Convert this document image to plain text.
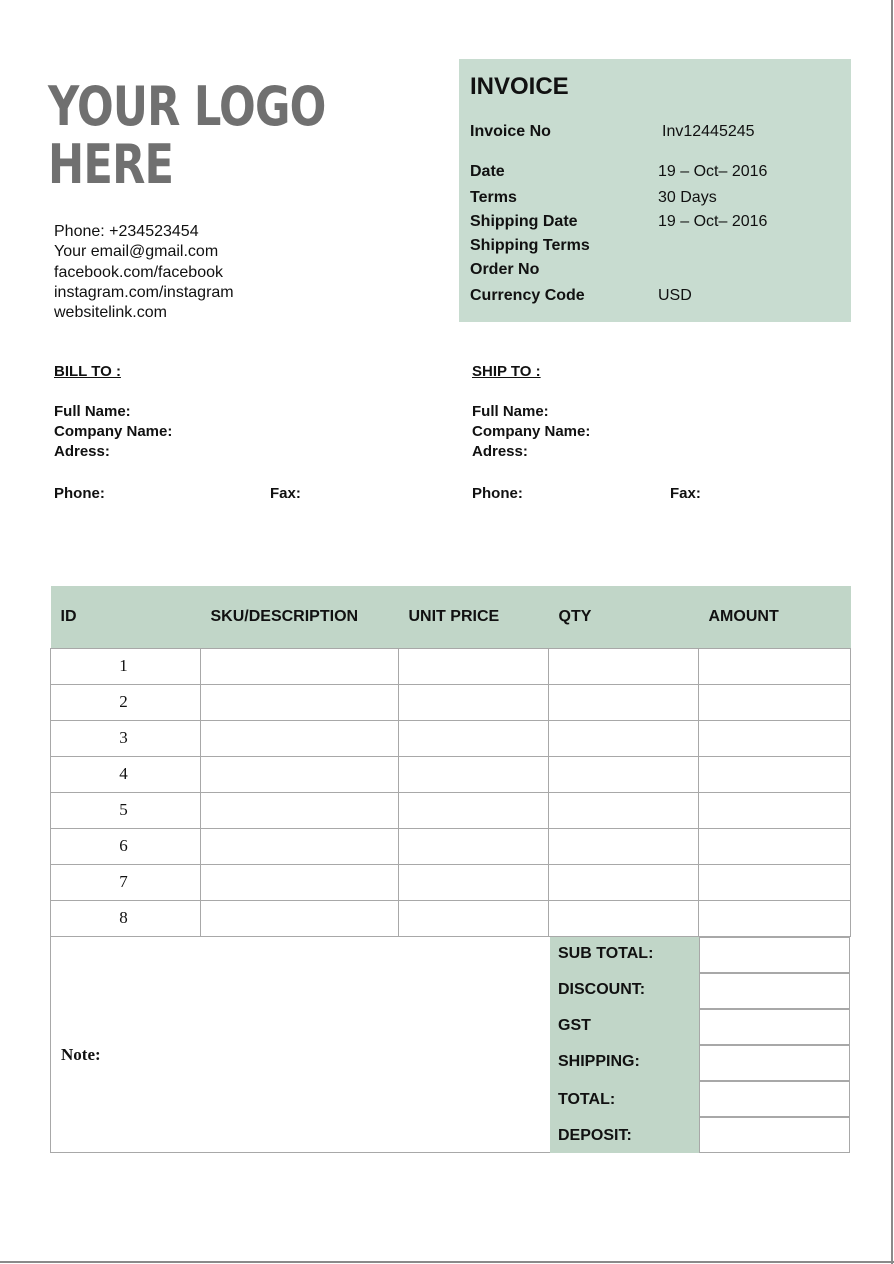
YOUR LOGO
HERE
Phone: +234523454
Your email@gmail.com
facebook.com/facebook
instagram.com/instagram
websitelink.com
INVOICE
Invoice No	Inv12445245
Date	19 – Oct– 2016
Terms	30 Days
Shipping Date	19 – Oct– 2016
Shipping Terms
Order No
Currency Code	USD
BILL TO :
Full Name:
Company Name:
Adress:
Phone:	Fax:
SHIP TO :
Full Name:
Company Name:
Adress:
Phone:	Fax:
ID	SKU/DESCRIPTION	UNIT PRICE	QTY	AMOUNT
1				
2				
3				
4				
5				
6				
7				
8				
Note:
SUB TOTAL:
DISCOUNT:
GST
SHIPPING:
TOTAL:
DEPOSIT:
